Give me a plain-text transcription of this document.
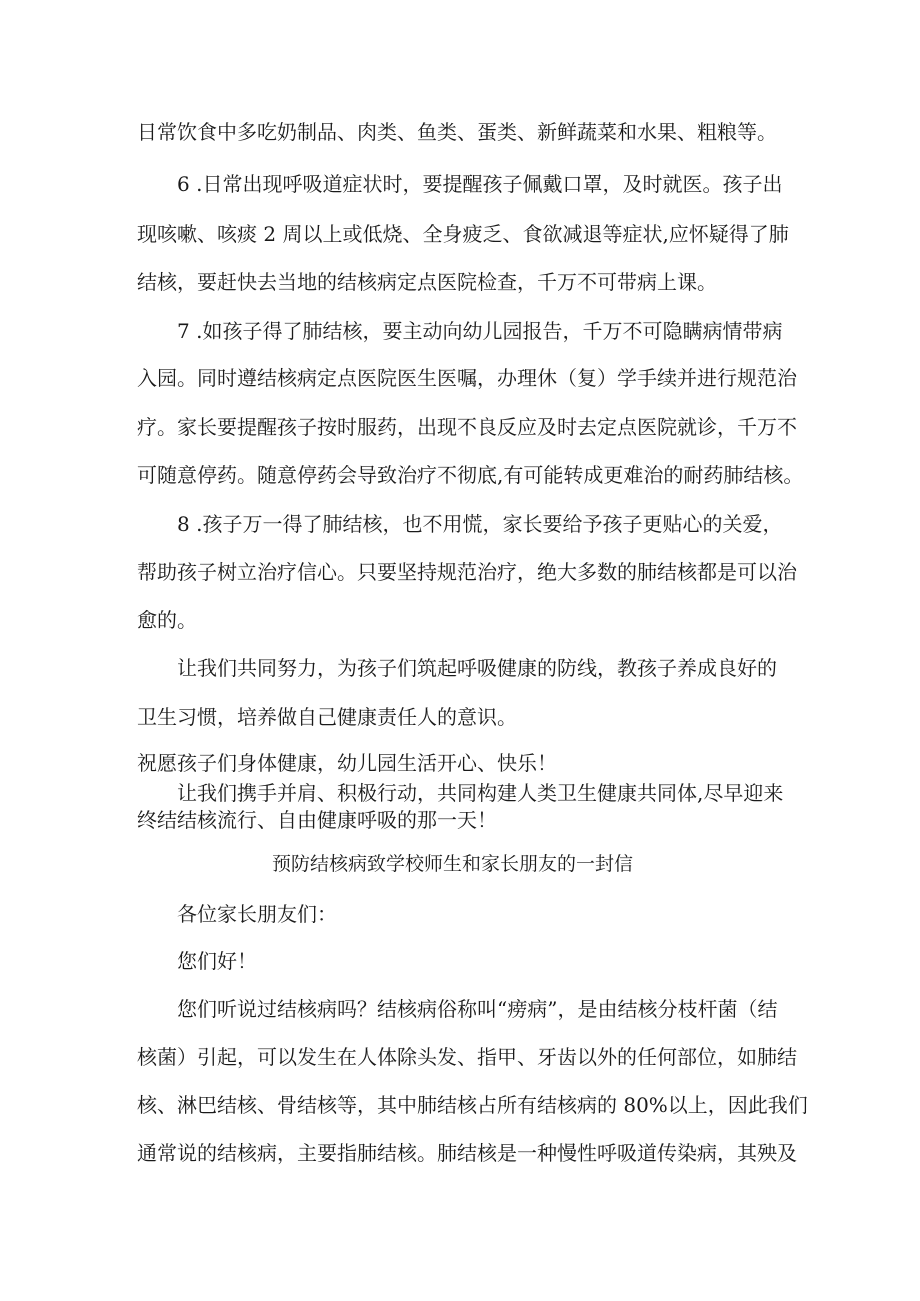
日常饮食中多吃奶制品、肉类、鱼类、蛋类、新鲜蔬菜和水果、粗粮等。
6 .日常出现呼吸道症状时，要提醒孩子佩戴口罩，及时就医。孩子出
现咳嗽、咳痰 2 周以上或低烧、全身疲乏、食欲减退等症状,应怀疑得了肺
结核，要赶快去当地的结核病定点医院检查，千万不可带病上课。
7 .如孩子得了肺结核，要主动向幼儿园报告，千万不可隐瞒病情带病
入园。同时遵结核病定点医院医生医嘱，办理休（复）学手续并进行规范治
疗。家长要提醒孩子按时服药，出现不良反应及时去定点医院就诊，千万不
可随意停药。随意停药会导致治疗不彻底,有可能转成更难治的耐药肺结核。
8 .孩子万一得了肺结核，也不用慌，家长要给予孩子更贴心的关爱，
帮助孩子树立治疗信心。只要坚持规范治疗，绝大多数的肺结核都是可以治
愈的。
让我们共同努力，为孩子们筑起呼吸健康的防线，教孩子养成良好的
卫生习惯，培养做自己健康责任人的意识。
祝愿孩子们身体健康，幼儿园生活开心、快乐！
让我们携手并肩、积极行动，共同构建人类卫生健康共同体,尽早迎来
终结结核流行、自由健康呼吸的那一天！
预防结核病致学校师生和家长朋友的一封信
各位家长朋友们：
您们好！
您们听说过结核病吗？结核病俗称叫“痨病”，是由结核分枝杆菌（结
核菌）引起，可以发生在人体除头发、指甲、牙齿以外的任何部位，如肺结
核、淋巴结核、骨结核等，其中肺结核占所有结核病的 80%以上，因此我们
通常说的结核病，主要指肺结核。肺结核是一种慢性呼吸道传染病，其殃及
